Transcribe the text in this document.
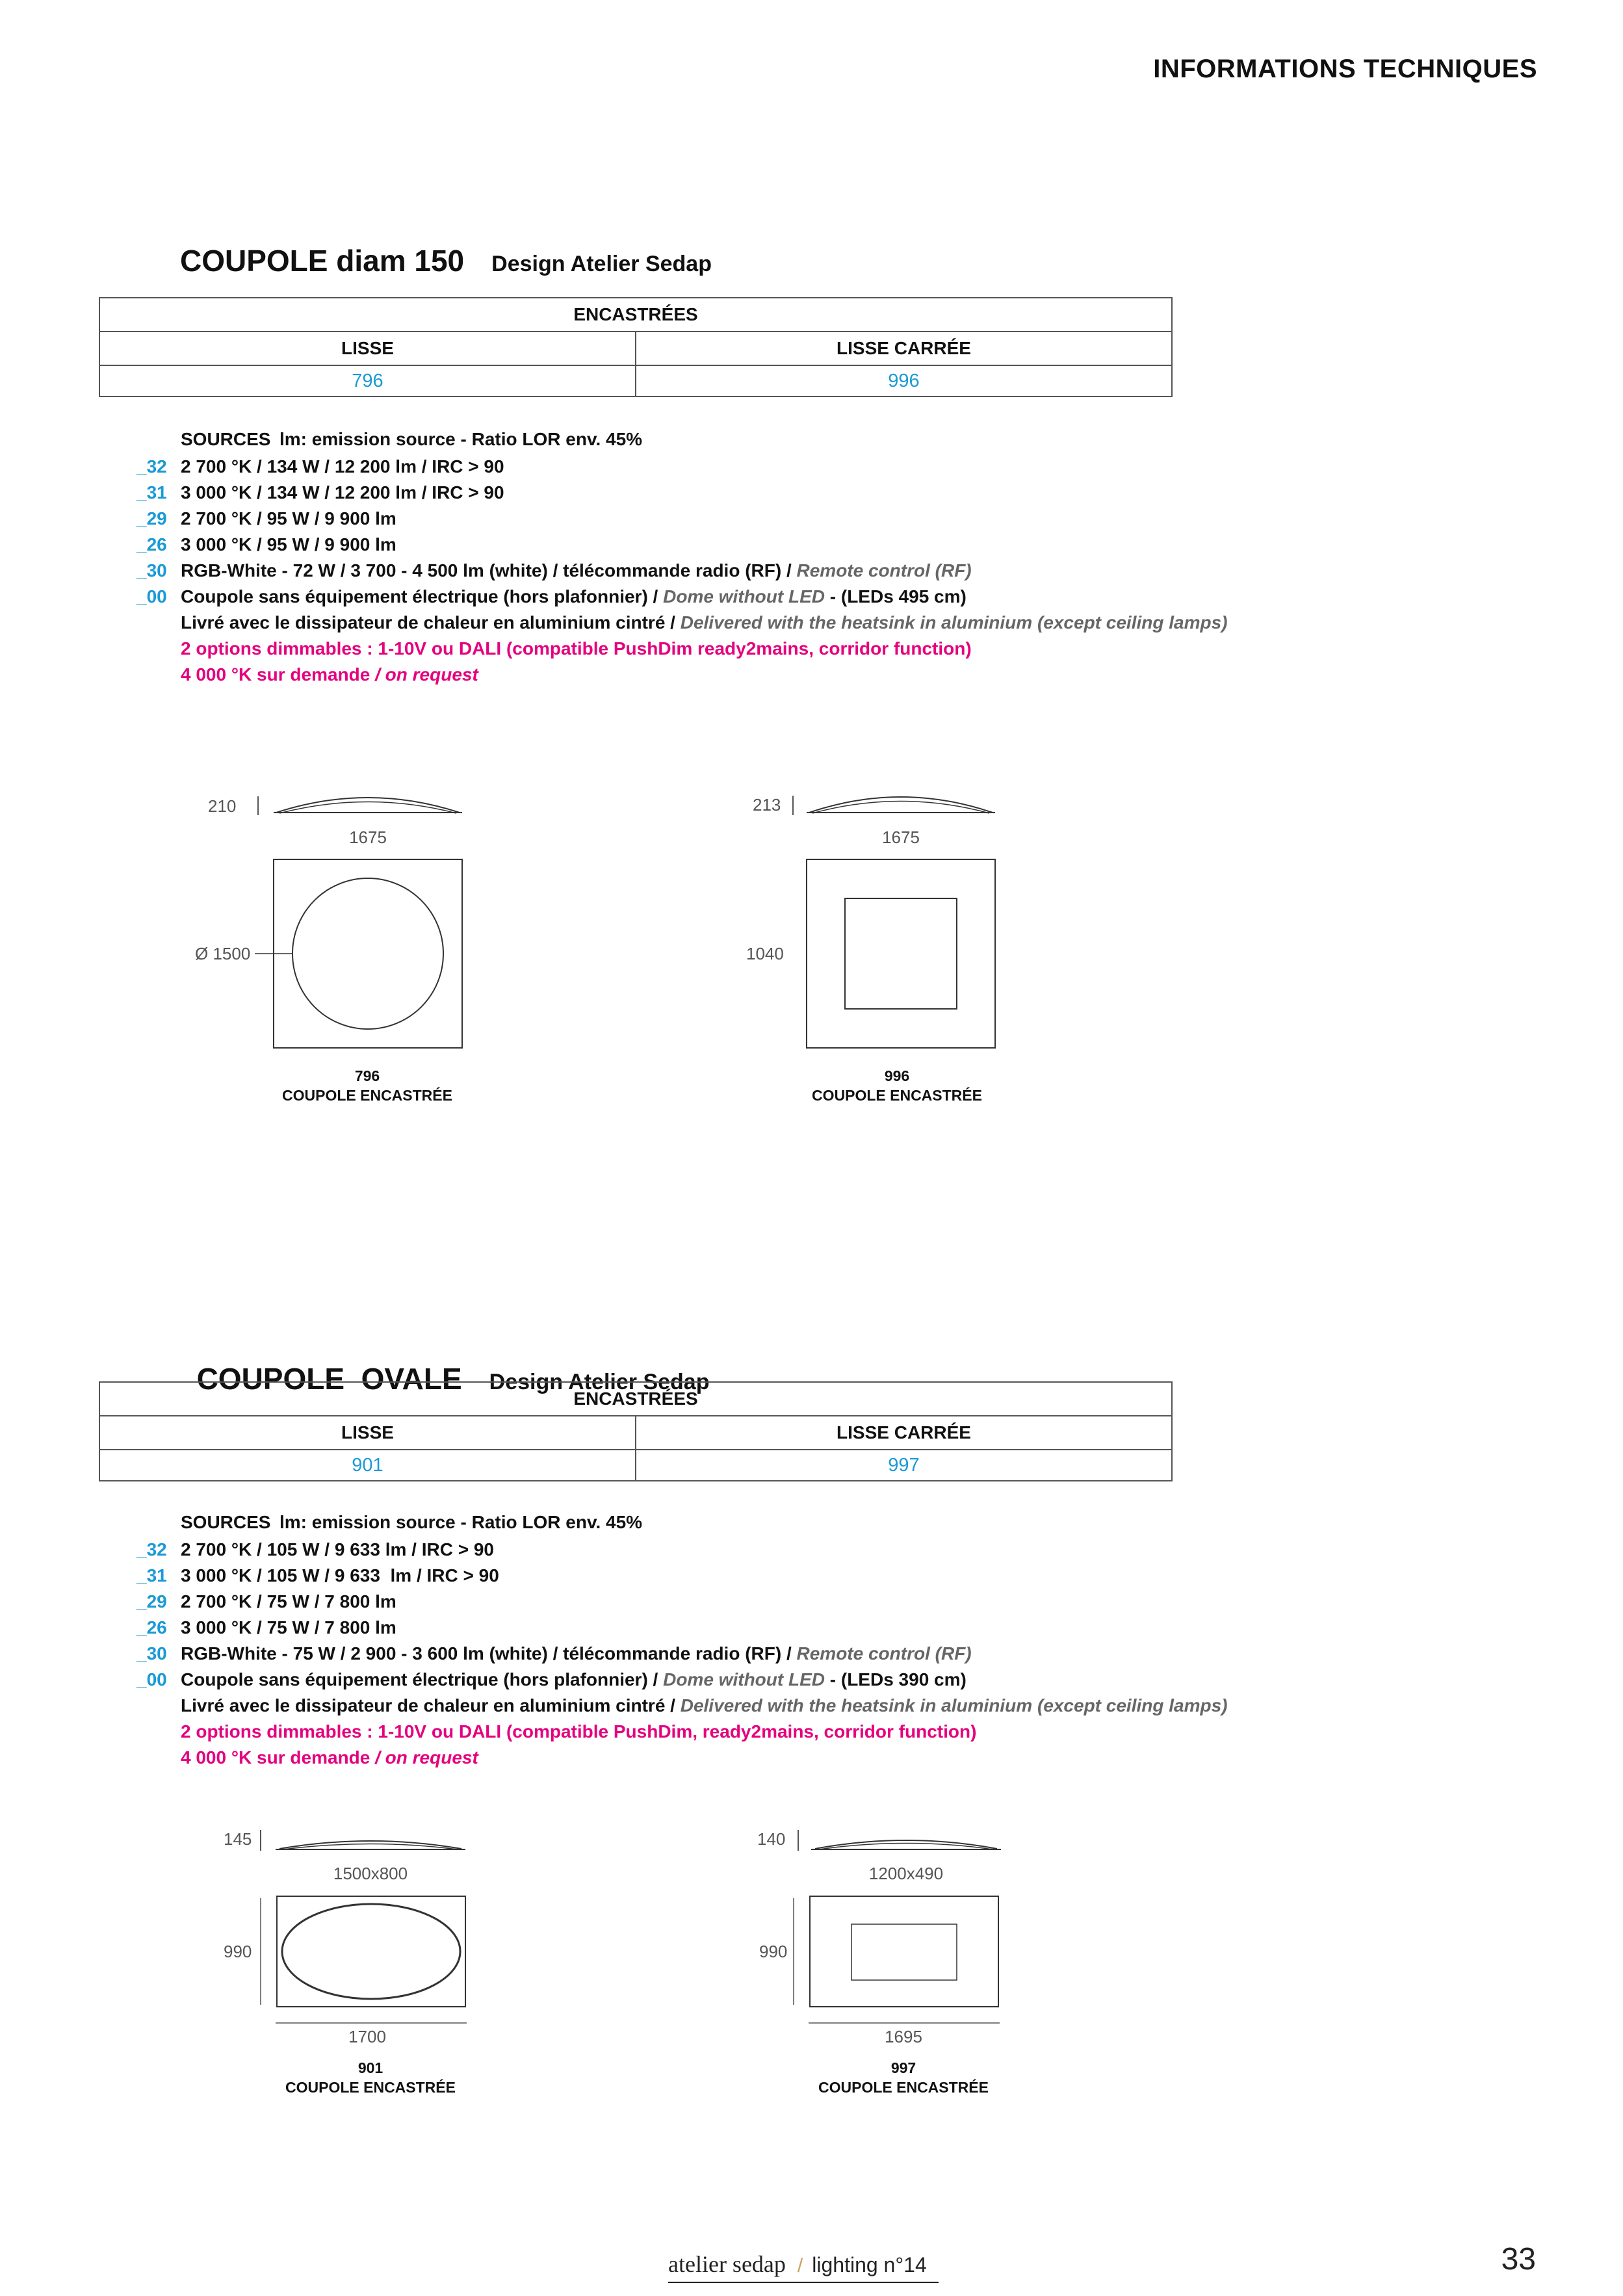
INFORMATIONS TECHNIQUES
COUPOLE diam 150 Design Atelier Sedap
ENCASTRÉES	
LISSE	LISSE CARRÉE
796	996
SOURCES lm: emission source - Ratio LOR env. 45%
_32 2 700 °K / 134 W / 12 200 lm / IRC > 90
_31 3 000 °K / 134 W / 12 200 lm / IRC > 90
_29 2 700 °K / 95 W / 9 900 lm
_26 3 000 °K / 95 W / 9 900 lm
_30 RGB-White - 72 W / 3 700 - 4 500 lm (white) / télécommande radio (RF) / Remote control (RF)
_00 Coupole sans équipement électrique (hors plafonnier) / Dome without LED - (LEDs 495 cm)
Livré avec le dissipateur de chaleur en aluminium cintré / Delivered with the heatsink in aluminium (except ceiling lamps)
2 options dimmables : 1-10V ou DALI (compatible PushDim ready2mains, corridor function)
4 000 °K sur demande / on request
210
1675
Ø 1500
796
COUPOLE ENCASTRÉE
213
1675
1040
996
COUPOLE ENCASTRÉE

COUPOLE  OVALE Design Atelier Sedap

ENCASTRÉES	
LISSE	LISSE CARRÉE
901	997
SOURCES lm: emission source - Ratio LOR env. 45%
_32 2 700 °K / 105 W / 9 633 lm / IRC > 90
_31 3 000 °K / 105 W / 9 633  lm / IRC > 90
_29 2 700 °K / 75 W / 7 800 lm
_26 3 000 °K / 75 W / 7 800 lm
_30 RGB-White - 75 W / 2 900 - 3 600 lm (white) / télécommande radio (RF) / Remote control (RF)
_00 Coupole sans équipement électrique (hors plafonnier) / Dome without LED - (LEDs 390 cm)
Livré avec le dissipateur de chaleur en aluminium cintré / Delivered with the heatsink in aluminium (except ceiling lamps)
2 options dimmables : 1-10V ou DALI (compatible PushDim, ready2mains, corridor function)
4 000 °K sur demande / on request
145
1500x800
990
1700
901
COUPOLE ENCASTRÉE
140
1200x490
990
1695
997
COUPOLE ENCASTRÉE
atelier sedap / lighting n°14	33
